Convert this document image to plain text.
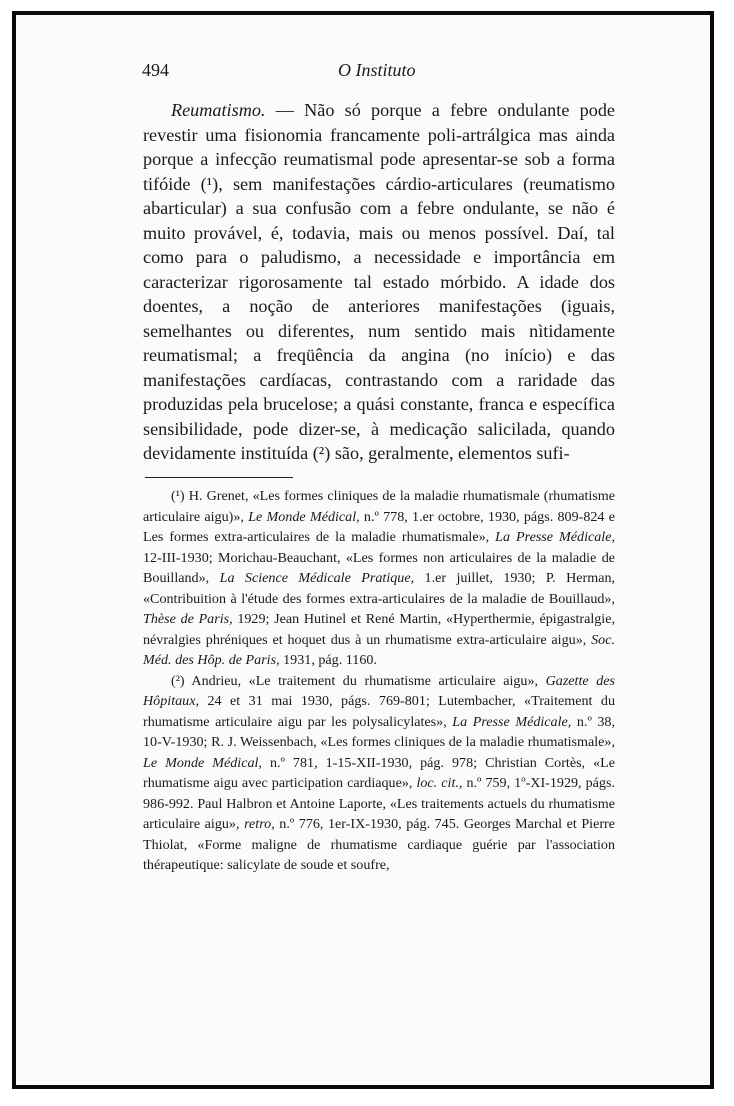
494	O Instituto

Reumatismo. — Não só porque a febre ondulante pode revestir uma fisionomia francamente poli-artrálgica mas ainda porque a infecção reumatismal pode apresentar-se sob a forma tifóide (¹), sem manifestações cárdio-articulares (reumatismo abarticular) a sua confusão com a febre ondulante, se não é muito provável, é, todavia, mais ou menos possível. Daí, tal como para o paludismo, a necessidade e importância em caracterizar rigorosamente tal estado mórbido. A idade dos doentes, a noção de anteriores manifestações (iguais, semelhantes ou diferentes, num sentido mais nìtidamente reumatismal; a freqüência da angina (no início) e das manifestações cardíacas, contrastando com a raridade das produzidas pela brucelose; a quási constante, franca e específica sensibilidade, pode dizer-se, à medicação salicilada, quando devidamente instituída (²) são, geralmente, elementos sufi-

(¹) H. Grenet, «Les formes cliniques de la maladie rhumatismale (rhumatisme articulaire aigu)», Le Monde Médical, n.º 778, 1.er octobre, 1930, págs. 809-824 e Les formes extra-articulaires de la maladie rhumatismale», La Presse Médicale, 12-III-1930; Morichau-Beauchant, «Les formes non articulaires de la maladie de Bouilland», La Science Médicale Pratique, 1.er juillet, 1930; P. Herman, «Contribuition à l'étude des formes extra-articulaires de la maladie de Bouillaud», Thèse de Paris, 1929; Jean Hutinel et René Martin, «Hyperthermie, épigastralgie, névralgies phréniques et hoquet dus à un rhumatisme extra-articulaire aigu», Soc. Méd. des Hôp. de Paris, 1931, pág. 1160.

(²) Andrieu, «Le traitement du rhumatisme articulaire aigu», Gazette des Hôpitaux, 24 et 31 mai 1930, págs. 769-801; Lutembacher, «Traitement du rhumatisme articulaire aigu par les polysalicylates», La Presse Médicale, n.º 38, 10-V-1930; R. J. Weissenbach, «Les formes cliniques de la maladie rhumatismale», Le Monde Médical, n.º 781, 1-15-XII-1930, pág. 978; Christian Cortès, «Le rhumatisme aigu avec participation cardiaque», loc. cit., n.º 759, 1º-XI-1929, págs. 986-992. Paul Halbron et Antoine Laporte, «Les traitements actuels du rhumatisme articulaire aigu», retro, n.º 776, 1er-IX-1930, pág. 745. Georges Marchal et Pierre Thiolat, «Forme maligne de rhumatisme cardiaque guérie par l'association thérapeutique: salicylate de soude et soufre,
